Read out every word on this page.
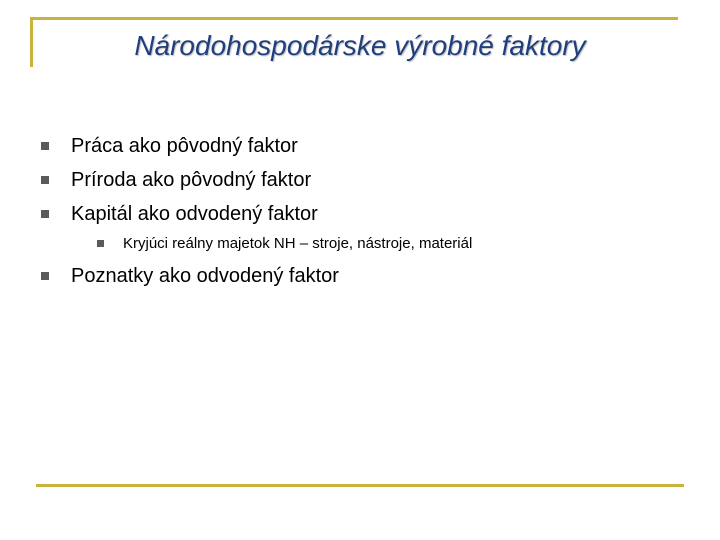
Národohospodárske výrobné faktory
Práca ako pôvodný faktor
Príroda ako pôvodný faktor
Kapitál ako odvodený faktor
Kryjúci reálny majetok NH – stroje, nástroje, materiál
Poznatky ako odvodený faktor
